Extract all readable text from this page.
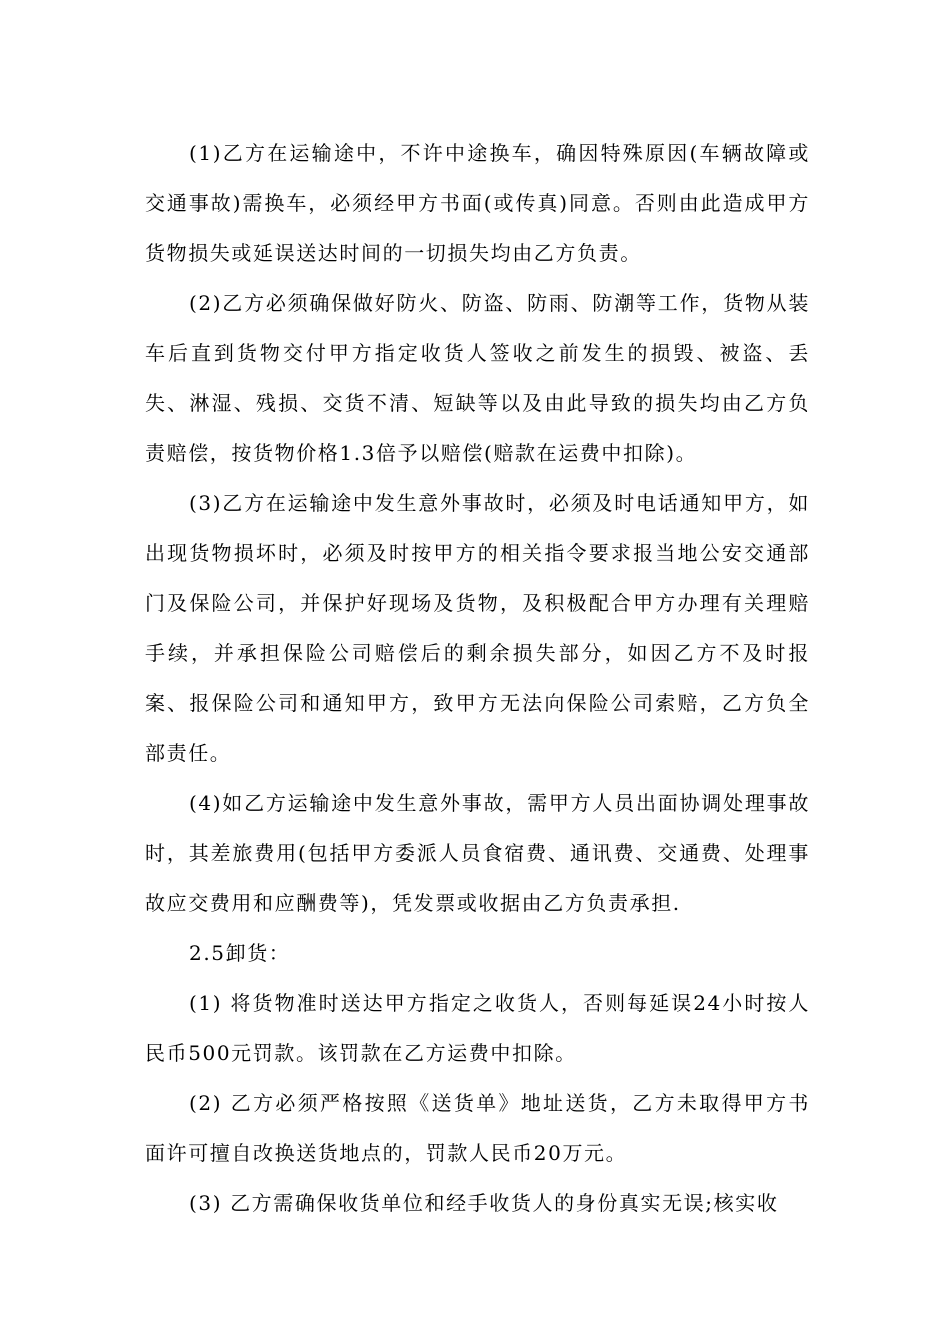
(1)乙方在运输途中，不许中途换车，确因特殊原因(车辆故障或交通事故)需换车，必须经甲方书面(或传真)同意。否则由此造成甲方货物损失或延误送达时间的一切损失均由乙方负责。

(2)乙方必须确保做好防火、防盗、防雨、防潮等工作，货物从装车后直到货物交付甲方指定收货人签收之前发生的损毁、被盗、丢失、淋湿、残损、交货不清、短缺等以及由此导致的损失均由乙方负责赔偿，按货物价格1.3倍予以赔偿(赔款在运费中扣除)。

(3)乙方在运输途中发生意外事故时，必须及时电话通知甲方，如出现货物损坏时，必须及时按甲方的相关指令要求报当地公安交通部门及保险公司，并保护好现场及货物，及积极配合甲方办理有关理赔手续，并承担保险公司赔偿后的剩余损失部分，如因乙方不及时报案、报保险公司和通知甲方，致甲方无法向保险公司索赔，乙方负全部责任。

(4)如乙方运输途中发生意外事故，需甲方人员出面协调处理事故时，其差旅费用(包括甲方委派人员食宿费、通讯费、交通费、处理事故应交费用和应酬费等)，凭发票或收据由乙方负责承担.

2.5卸货：

(1) 将货物准时送达甲方指定之收货人，否则每延误24小时按人民币500元罚款。该罚款在乙方运费中扣除。

(2) 乙方必须严格按照《送货单》地址送货，乙方未取得甲方书面许可擅自改换送货地点的，罚款人民币20万元。

(3) 乙方需确保收货单位和经手收货人的身份真实无误;核实收
